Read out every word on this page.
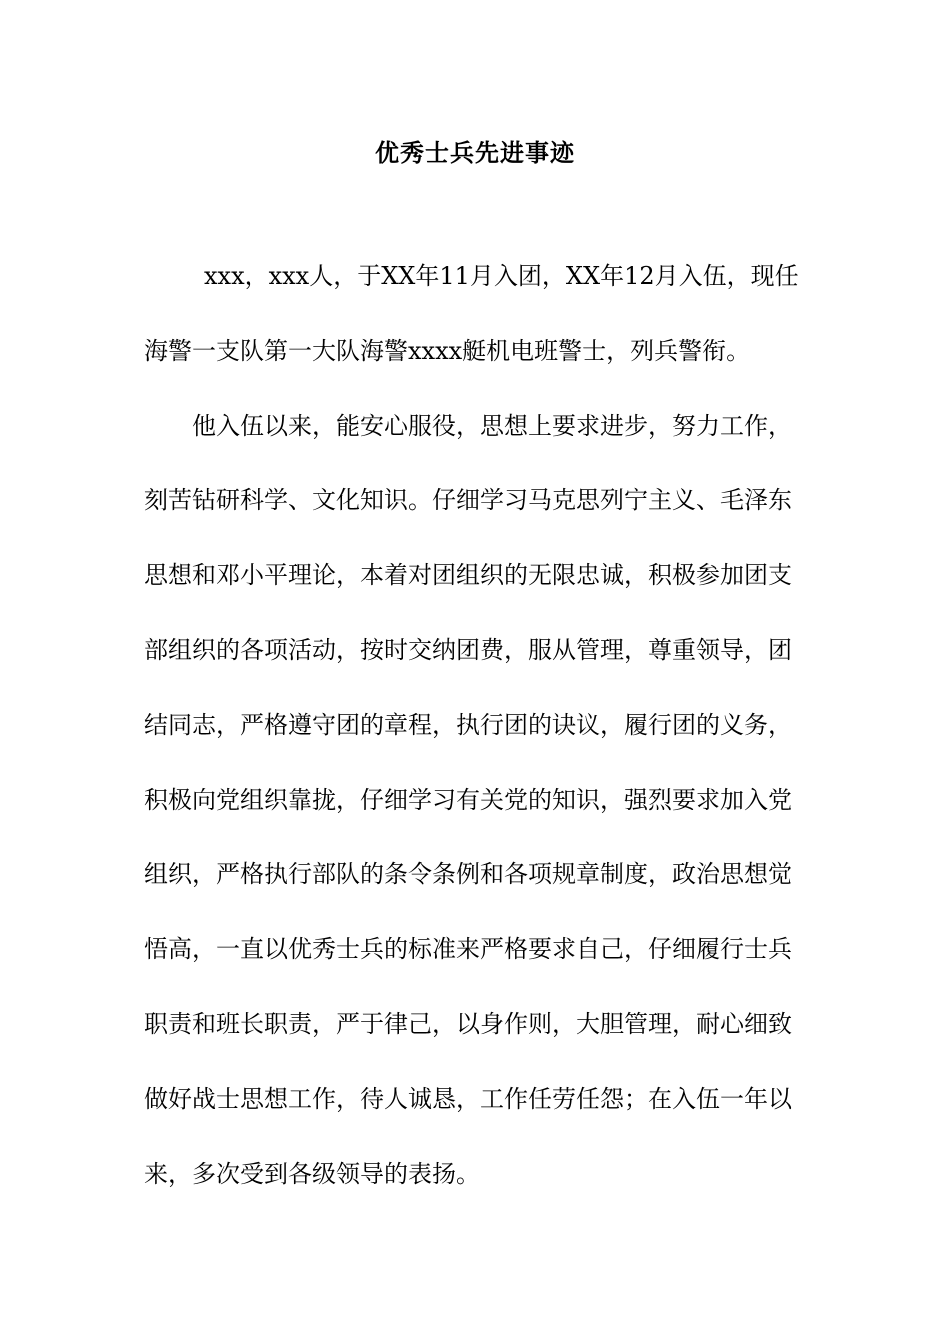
优秀士兵先进事迹
xxx，xxx人，于XX年11月入团，XX年12月入伍，现任
海警一支队第一大队海警xxxx艇机电班警士，列兵警衔。
他入伍以来，能安心服役，思想上要求进步，努力工作，
刻苦钻研科学、文化知识。仔细学习马克思列宁主义、毛泽东
思想和邓小平理论，本着对团组织的无限忠诚，积极参加团支
部组织的各项活动，按时交纳团费，服从管理，尊重领导，团
结同志，严格遵守团的章程，执行团的诀议，履行团的义务，
积极向党组织靠拢，仔细学习有关党的知识，强烈要求加入党
组织，严格执行部队的条令条例和各项规章制度，政治思想觉
悟高，一直以优秀士兵的标准来严格要求自己，仔细履行士兵
职责和班长职责，严于律己，以身作则，大胆管理，耐心细致
做好战士思想工作，待人诚恳，工作任劳任怨；在入伍一年以
来，多次受到各级领导的表扬。
